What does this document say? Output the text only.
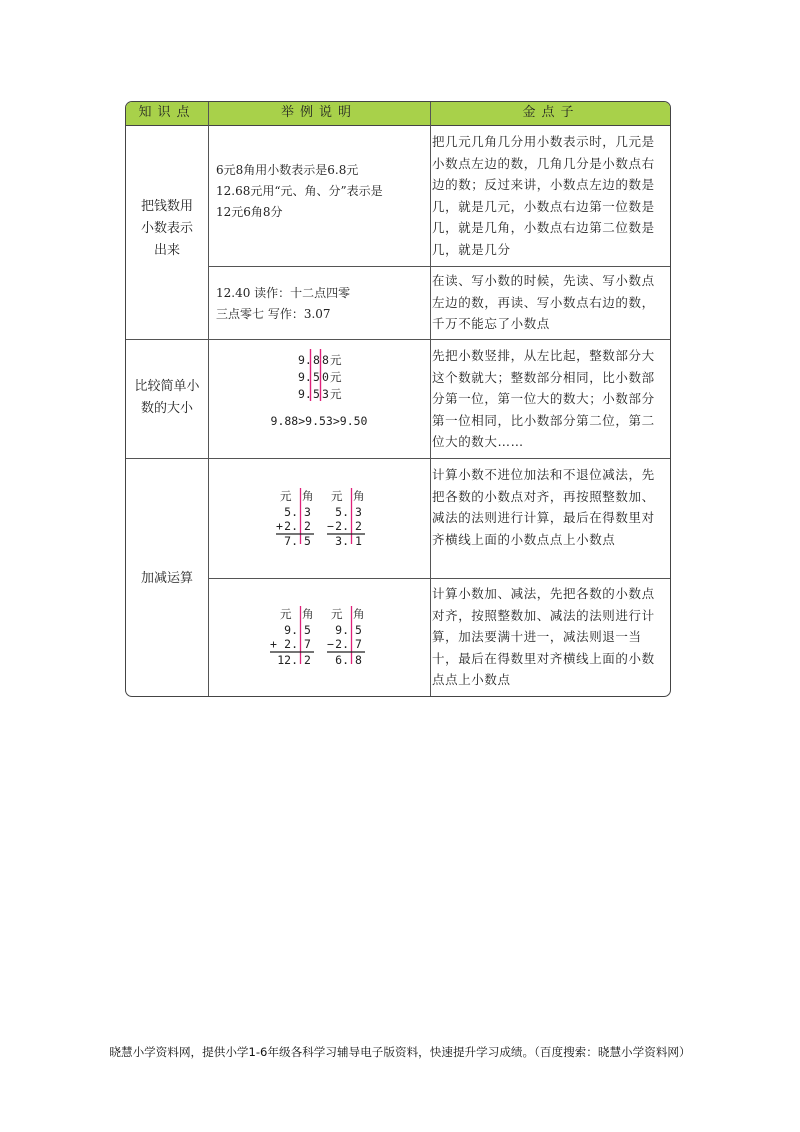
知识点	举例说明	金点子
把钱数用
小数表示
出来
6元8角用小数表示是6.8元
12.68元用“元、角、分”表示是
12元6角8分
把几元几角几分用小数表示时，几元是小数点左边的数，几角几分是小数点右边的数；反过来讲，小数点左边的数是几，就是几元，小数点右边第一位数是几，就是几角，小数点右边第二位数是几，就是几分
12.40 读作：十二点四零
三点零七 写作：3.07
在读、写小数的时候，先读、写小数点左边的数，再读、写小数点右边的数，千万不能忘了小数点
比较简单小
数的大小
9. 8 8 元
9. 5 0 元
9. 5 3 元
9.88>9.53>9.50
先把小数竖排，从左比起，整数部分大这个数就大；整数部分相同，比小数部分第一位，第一位大的数大；小数部分第一位相同，比小数部分第二位，第二位大的数大……
加减运算
元 角
5. 3
+ 2. 2
7. 5
元 角
5. 3
− 2. 2
3. 1
计算小数不进位加法和不退位减法，先把各数的小数点对齐，再按照整数加、减法的法则进行计算，最后在得数里对齐横线上面的小数点点上小数点
元 角
9. 5
+ 2. 7
12. 2
元 角
9. 5
− 2. 7
6. 8
计算小数加、减法，先把各数的小数点对齐，按照整数加、减法的法则进行计算，加法要满十进一，减法则退一当十，最后在得数里对齐横线上面的小数点点上小数点
晓慧小学资料网，提供小学1-6年级各科学习辅导电子版资料，快速提升学习成绩。（百度搜索：晓慧小学资料网）
